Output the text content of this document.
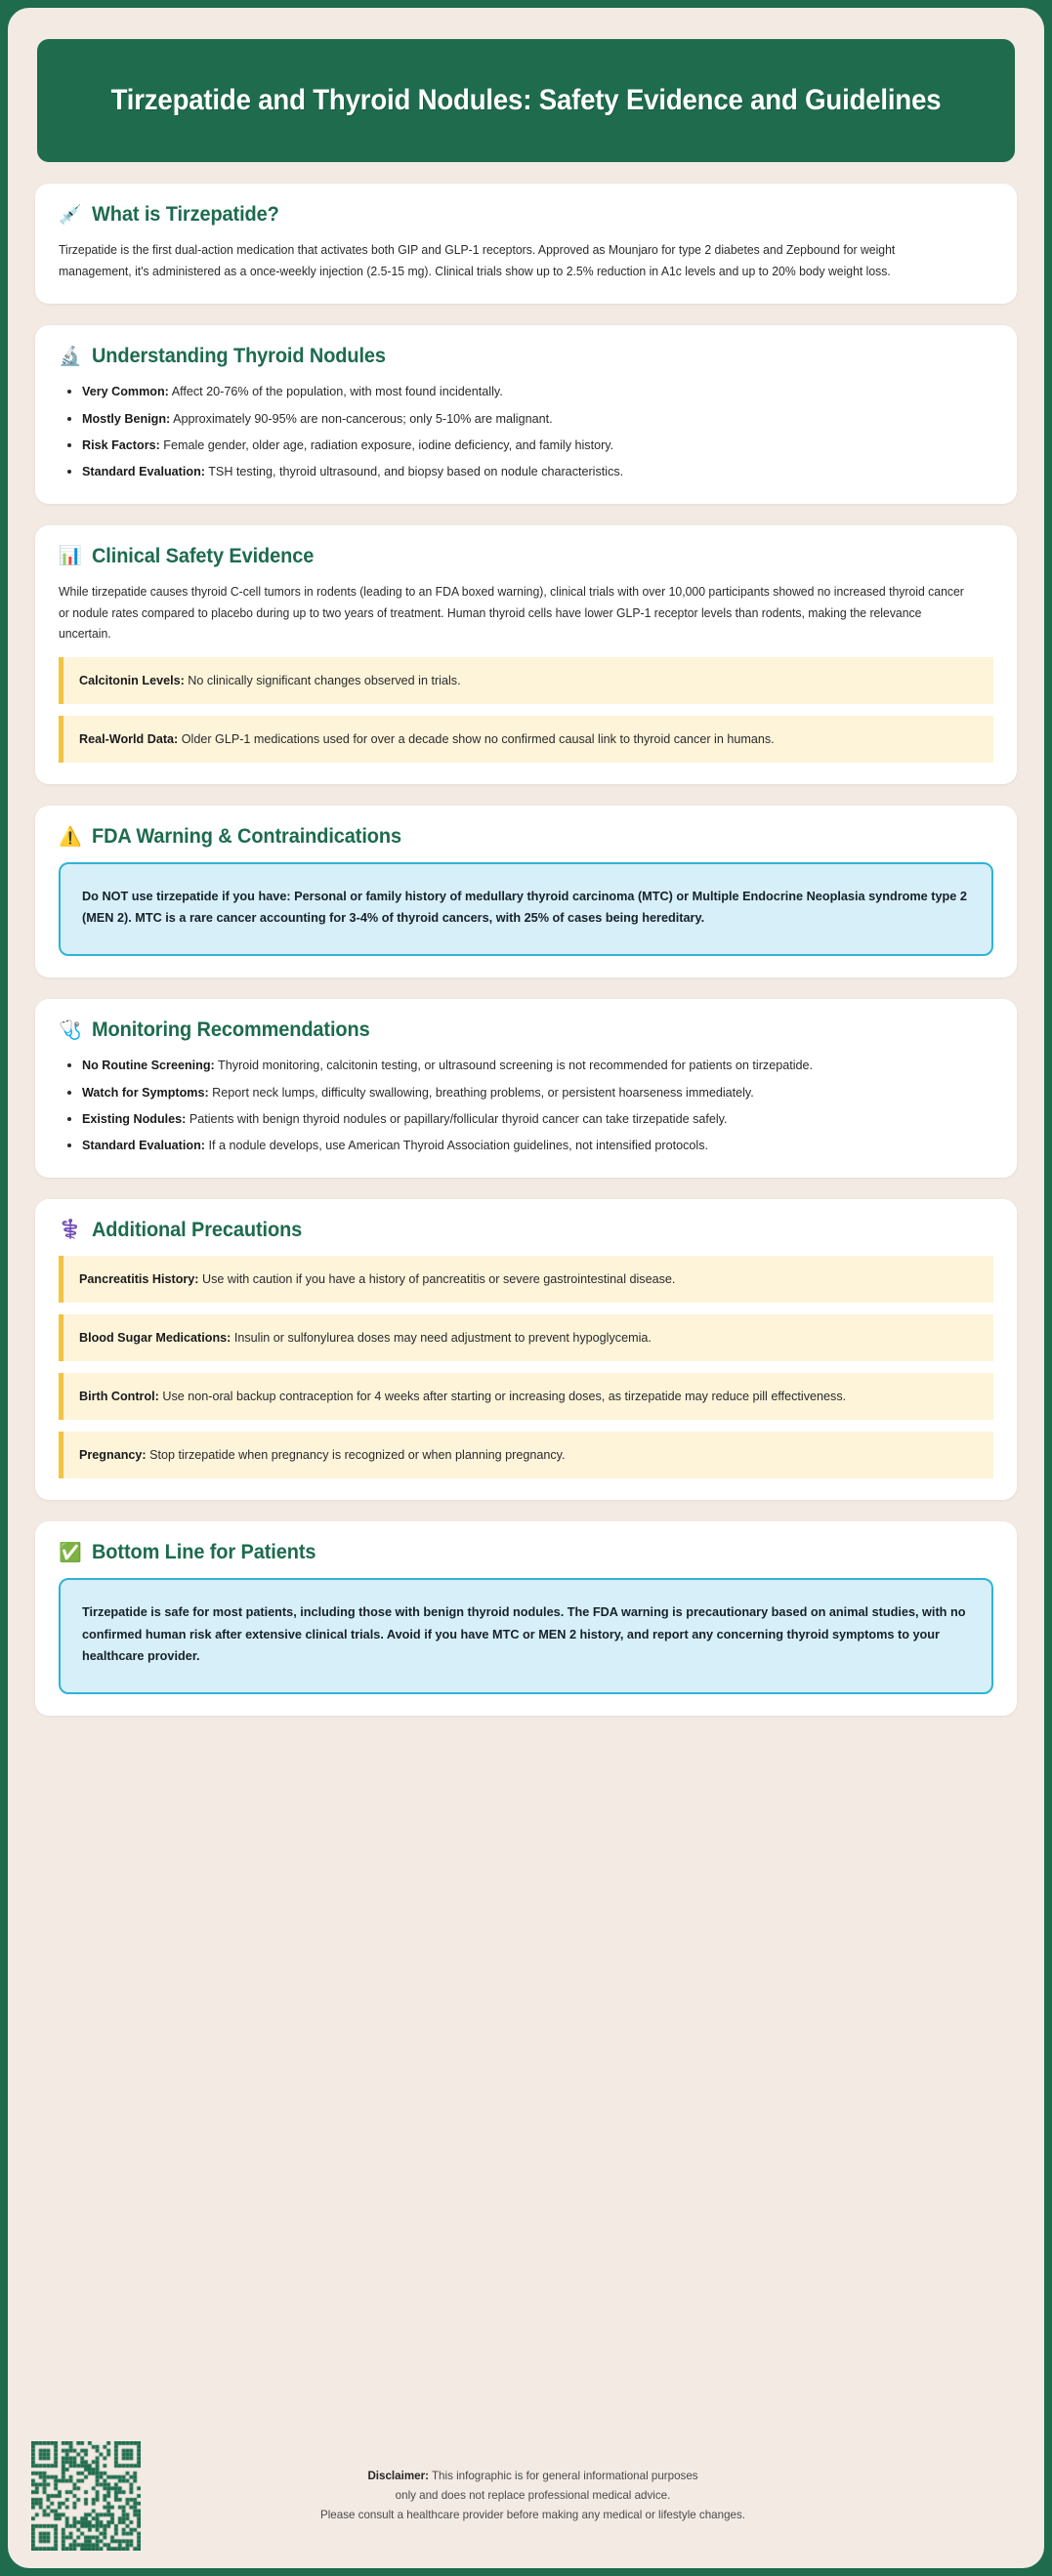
Tirzepatide and Thyroid Nodules: Safety Evidence and Guidelines
💉 What is Tirzepatide?
Tirzepatide is the first dual-action medication that activates both GIP and GLP-1 receptors. Approved as Mounjaro for type 2 diabetes and Zepbound for weight management, it's administered as a once-weekly injection (2.5-15 mg). Clinical trials show up to 2.5% reduction in A1c levels and up to 20% body weight loss.
🔬 Understanding Thyroid Nodules
Very Common: Affect 20-76% of the population, with most found incidentally.
Mostly Benign: Approximately 90-95% are non-cancerous; only 5-10% are malignant.
Risk Factors: Female gender, older age, radiation exposure, iodine deficiency, and family history.
Standard Evaluation: TSH testing, thyroid ultrasound, and biopsy based on nodule characteristics.
📊 Clinical Safety Evidence
While tirzepatide causes thyroid C-cell tumors in rodents (leading to an FDA boxed warning), clinical trials with over 10,000 participants showed no increased thyroid cancer or nodule rates compared to placebo during up to two years of treatment. Human thyroid cells have lower GLP-1 receptor levels than rodents, making the relevance uncertain.
Calcitonin Levels: No clinically significant changes observed in trials.
Real-World Data: Older GLP-1 medications used for over a decade show no confirmed causal link to thyroid cancer in humans.
⚠️ FDA Warning & Contraindications
Do NOT use tirzepatide if you have: Personal or family history of medullary thyroid carcinoma (MTC) or Multiple Endocrine Neoplasia syndrome type 2 (MEN 2). MTC is a rare cancer accounting for 3-4% of thyroid cancers, with 25% of cases being hereditary.
🩺 Monitoring Recommendations
No Routine Screening: Thyroid monitoring, calcitonin testing, or ultrasound screening is not recommended for patients on tirzepatide.
Watch for Symptoms: Report neck lumps, difficulty swallowing, breathing problems, or persistent hoarseness immediately.
Existing Nodules: Patients with benign thyroid nodules or papillary/follicular thyroid cancer can take tirzepatide safely.
Standard Evaluation: If a nodule develops, use American Thyroid Association guidelines, not intensified protocols.
⚕️ Additional Precautions
Pancreatitis History: Use with caution if you have a history of pancreatitis or severe gastrointestinal disease.
Blood Sugar Medications: Insulin or sulfonylurea doses may need adjustment to prevent hypoglycemia.
Birth Control: Use non-oral backup contraception for 4 weeks after starting or increasing doses, as tirzepatide may reduce pill effectiveness.
Pregnancy: Stop tirzepatide when pregnancy is recognized or when planning pregnancy.
✅ Bottom Line for Patients
Tirzepatide is safe for most patients, including those with benign thyroid nodules. The FDA warning is precautionary based on animal studies, with no confirmed human risk after extensive clinical trials. Avoid if you have MTC or MEN 2 history, and report any concerning thyroid symptoms to your healthcare provider.
Disclaimer: This infographic is for general informational purposes
only and does not replace professional medical advice.
Please consult a healthcare provider before making any medical or lifestyle changes.
